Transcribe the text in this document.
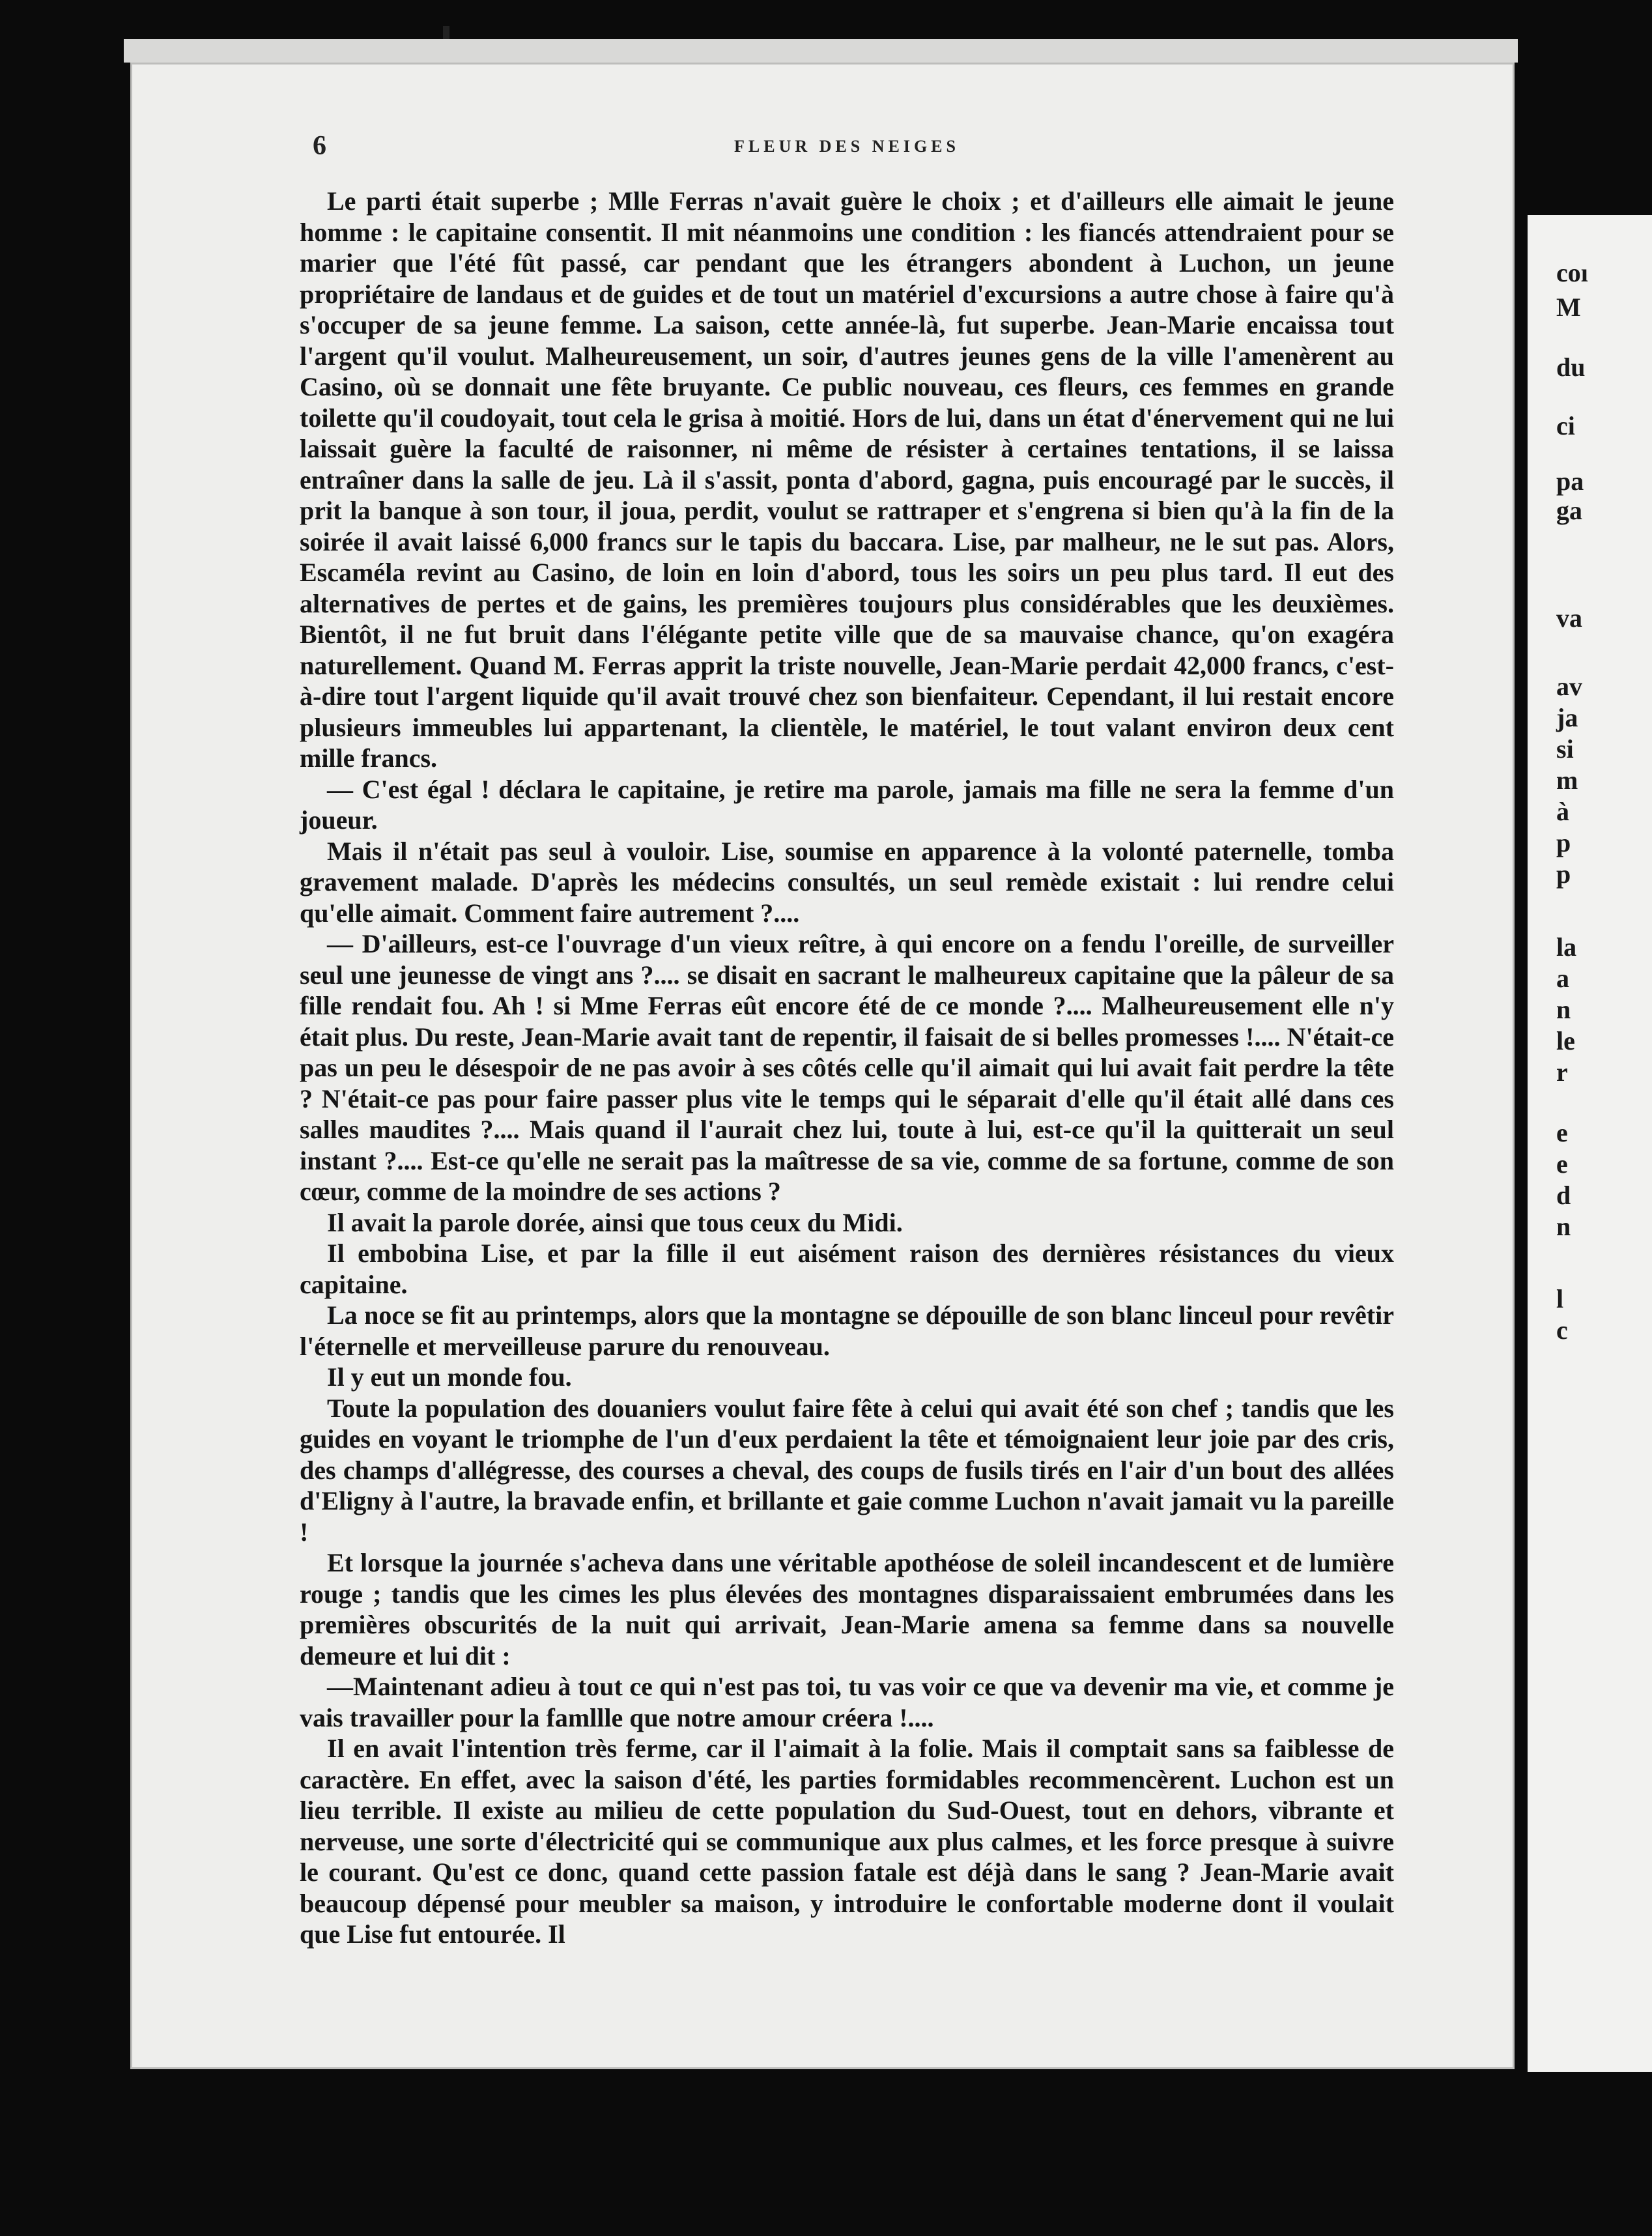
6	FLEUR DES NEIGES

Le parti était superbe ; Mlle Ferras n'avait guère le choix ; et d'ailleurs elle aimait le jeune homme : le capitaine consentit. Il mit néanmoins une condition : les fiancés attendraient pour se marier que l'été fût passé, car pendant que les étrangers abondent à Luchon, un jeune propriétaire de landaus et de guides et de tout un matériel d'excursions a autre chose à faire qu'à s'occuper de sa jeune femme. La saison, cette année-là, fut superbe. Jean-Marie encaissa tout l'argent qu'il voulut. Malheureusement, un soir, d'autres jeunes gens de la ville l'amenèrent au Casino, où se donnait une fête bruyante. Ce public nouveau, ces fleurs, ces femmes en grande toilette qu'il coudoyait, tout cela le grisa à moitié. Hors de lui, dans un état d'énervement qui ne lui laissait guère la faculté de raisonner, ni même de résister à certaines tentations, il se laissa entraîner dans la salle de jeu. Là il s'assit, ponta d'abord, gagna, puis encouragé par le succès, il prit la banque à son tour, il joua, perdit, voulut se rattraper et s'engrena si bien qu'à la fin de la soirée il avait laissé 6,000 francs sur le tapis du baccara. Lise, par malheur, ne le sut pas. Alors, Escaméla revint au Casino, de loin en loin d'abord, tous les soirs un peu plus tard. Il eut des alternatives de pertes et de gains, les premières toujours plus considérables que les deuxièmes. Bientôt, il ne fut bruit dans l'élégante petite ville que de sa mauvaise chance, qu'on exagéra naturellement. Quand M. Ferras apprit la triste nouvelle, Jean-Marie perdait 42,000 francs, c'est-à-dire tout l'argent liquide qu'il avait trouvé chez son bienfaiteur. Cependant, il lui restait encore plusieurs immeubles lui appartenant, la clientèle, le matériel, le tout valant environ deux cent mille francs.

— C'est égal ! déclara le capitaine, je retire ma parole, jamais ma fille ne sera la femme d'un joueur.

Mais il n'était pas seul à vouloir. Lise, soumise en apparence à la volonté paternelle, tomba gravement malade. D'après les médecins consultés, un seul remède existait : lui rendre celui qu'elle aimait. Comment faire autrement ?....

— D'ailleurs, est-ce l'ouvrage d'un vieux reître, à qui encore on a fendu l'oreille, de surveiller seul une jeunesse de vingt ans ?.... se disait en sacrant le malheureux capitaine que la pâleur de sa fille rendait fou. Ah ! si Mme Ferras eût encore été de ce monde ?.... Malheureusement elle n'y était plus. Du reste, Jean-Marie avait tant de repentir, il faisait de si belles promesses !.... N'était-ce pas un peu le désespoir de ne pas avoir à ses côtés celle qu'il aimait qui lui avait fait perdre la tête ? N'était-ce pas pour faire passer plus vite le temps qui le séparait d'elle qu'il était allé dans ces salles maudites ?.... Mais quand il l'aurait chez lui, toute à lui, est-ce qu'il la quitterait un seul instant ?.... Est-ce qu'elle ne serait pas la maîtresse de sa vie, comme de sa fortune, comme de son cœur, comme de la moindre de ses actions ?

Il avait la parole dorée, ainsi que tous ceux du Midi.

Il embobina Lise, et par la fille il eut aisément raison des dernières résistances du vieux capitaine.

La noce se fit au printemps, alors que la montagne se dépouille de son blanc linceul pour revêtir l'éternelle et merveilleuse parure du renouveau.

Il y eut un monde fou.

Toute la population des douaniers voulut faire fête à celui qui avait été son chef ; tandis que les guides en voyant le triomphe de l'un d'eux perdaient la tête et témoignaient leur joie par des cris, des champs d'allégresse, des courses a cheval, des coups de fusils tirés en l'air d'un bout des allées d'Eligny à l'autre, la bravade enfin, et brillante et gaie comme Luchon n'avait jamait vu la pareille !

Et lorsque la journée s'acheva dans une véritable apothéose de soleil incandescent et de lumière rouge ; tandis que les cimes les plus élevées des montagnes disparaissaient embrumées dans les premières obscurités de la nuit qui arrivait, Jean-Marie amena sa femme dans sa nouvelle demeure et lui dit :

—Maintenant adieu à tout ce qui n'est pas toi, tu vas voir ce que va devenir ma vie, et comme je vais travailler pour la famllle que notre amour créera !....

Il en avait l'intention très ferme, car il l'aimait à la folie. Mais il comptait sans sa faiblesse de caractère. En effet, avec la saison d'été, les parties formidables recommencèrent. Luchon est un lieu terrible. Il existe au milieu de cette population du Sud-Ouest, tout en dehors, vibrante et nerveuse, une sorte d'électricité qui se communique aux plus calmes, et les force presque à suivre le courant. Qu'est ce donc, quand cette passion fatale est déjà dans le sang ? Jean-Marie avait beaucoup dépensé pour meubler sa maison, y introduire le confortable moderne dont il voulait que Lise fut entourée. Il

coı
M
du
ci
pa
ga
va
av
ja
si
m
à
p
p
la
a
n
le
r
e
e
d
n
l
c
